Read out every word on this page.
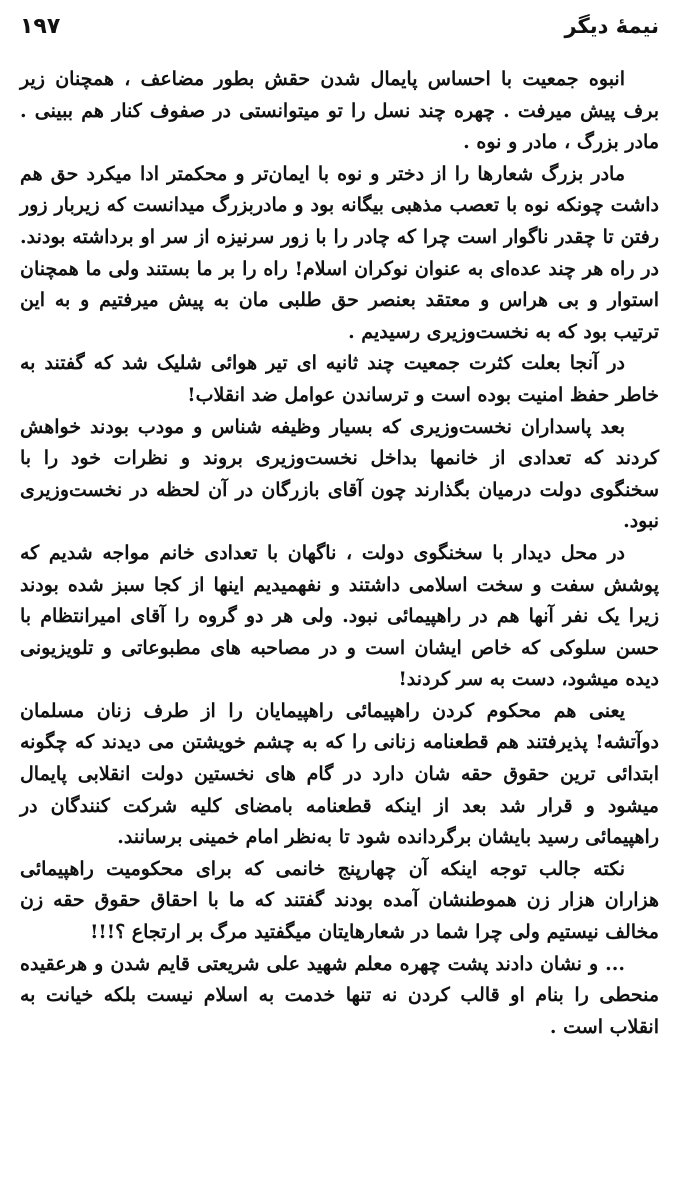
نیمهٔ دیگر
۱۹۷

انبوه جمعیت با احساس پایمال شدن حقش بطور مضاعف ، همچنان زیر برف پیش میرفت . چهره چند نسل را تو میتوانستی در صفوف کنار هم ببینی . مادر بزرگ ، مادر و نوه .

مادر بزرگ شعارها را از دختر و نوه با ایمان‌تر و محکمتر ادا میکرد حق هم داشت چونکه نوه با تعصب مذهبی بیگانه بود و مادربزرگ میدانست که زیربار زور رفتن تا چقدر ناگوار است چرا که چادر را با زور سرنیزه از سر او برداشته بودند. در راه هر چند عده‌ای به عنوان نوکران اسلام! راه را بر ما بستند ولی ما همچنان استوار و بی هراس و معتقد بعنصر حق طلبی مان به پیش میرفتیم و به این ترتیب بود که به نخست‌وزیری رسیدیم .

در آنجا بعلت کثرت جمعیت چند ثانیه ای تیر هوائی شلیک شد که گفتند به خاطر حفظ امنیت بوده است و ترساندن عوامل ضد انقلاب!

بعد پاسداران نخست‌وزیری که بسیار وظیفه شناس و مودب بودند خواهش کردند که تعدادی از خانمها بداخل نخست‌وزیری بروند و نظرات خود را با سخنگوی دولت درمیان بگذارند چون آقای بازرگان در آن لحظه در نخست‌وزیری نبود.

در محل دیدار با سخنگوی دولت ، ناگهان با تعدادی خانم مواجه شدیم که پوشش سفت و سخت اسلامی داشتند و نفهمیدیم اینها از کجا سبز شده بودند زیرا یک نفر آنها هم در راهپیمائی نبود. ولی هر دو گروه را آقای امیرانتظام با حسن سلوکی که خاص ایشان است و در مصاحبه های مطبوعاتی و تلویزیونی دیده میشود، دست به سر کردند!

یعنی هم محکوم کردن راهپیمائی راهپیمایان را از طرف زنان مسلمان دوآتشه! پذیرفتند هم قطعنامه زنانی را که به چشم خویشتن می دیدند که چگونه ابتدائی ترین حقوق حقه شان دارد در گام های نخستین دولت انقلابی پایمال میشود و قرار شد بعد از اینکه قطعنامه بامضای کلیه شرکت کنندگان در راهپیمائی رسید بایشان برگردانده شود تا به‌نظر امام خمینی برسانند.

نکته جالب توجه اینکه آن چهارپنج خانمی که برای محکومیت راهپیمائی هزاران هزار زن هموطنشان آمده بودند گفتند که ما با احقاق حقوق حقه زن مخالف نیستیم ولی چرا شما در شعارهایتان میگفتید مرگ بر ارتجاع ؟!!!

... و نشان دادند پشت چهره معلم شهید علی شریعتی قایم شدن و هرعقیده منحطی را بنام او قالب کردن نه تنها خدمت به اسلام نیست بلکه خیانت به انقلاب است .
